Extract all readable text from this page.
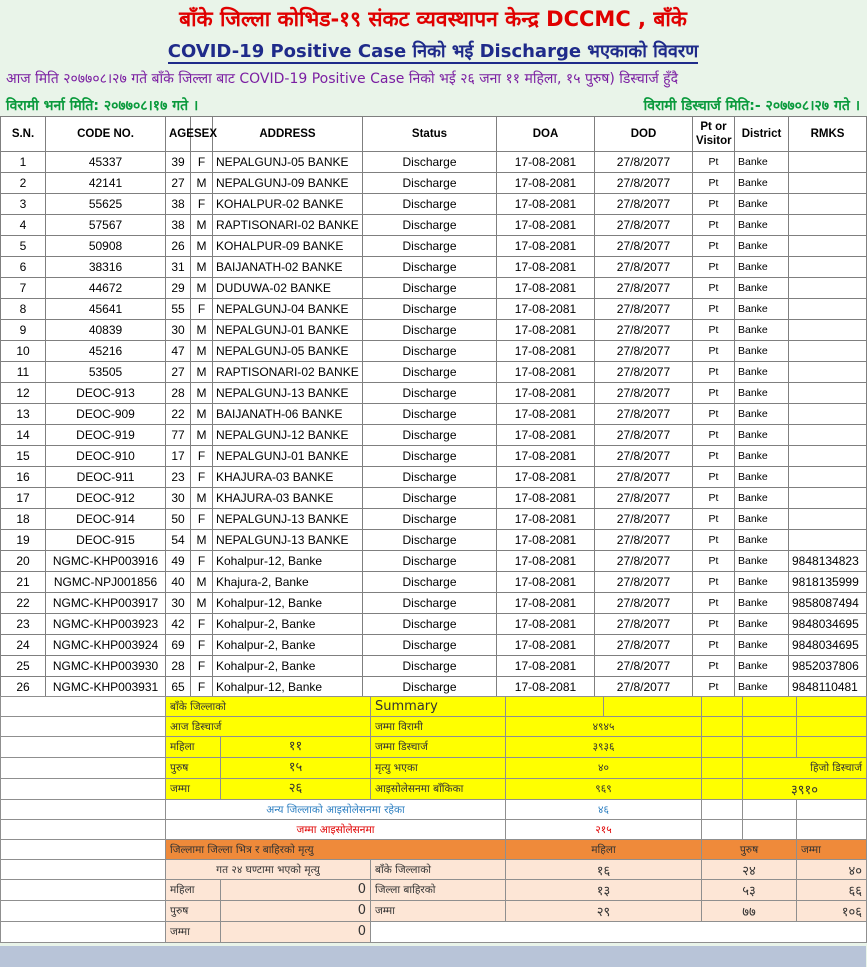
बाँके जिल्ला कोभिड-१९ संकट व्यवस्थापन केन्द्र DCCMC , बाँके
COVID-19 Positive Case निको भई Discharge भएकाको विवरण
आज मिति २०७७०८।२७ गते बाँके जिल्ला बाट COVID-19 Positive Case निको भई २६ जना ११ महिला, १५ पुरुष) डिस्चार्ज हुँदै
विरामी भर्ना मिति: २०७७०८।१७ गते ।	विरामी डिस्चार्ज मिति:- २०७७०८।२७ गते ।
S.N.	CODE NO.	AGE	SEX	ADDRESS	Status	DOA	DOD	Pt or Visitor	District	RMKS
1	45337	39	F	NEPALGUNJ-05 BANKE	Discharge	17-08-2081	27/8/2077	Pt	Banke	
2	42141	27	M	NEPALGUNJ-09 BANKE	Discharge	17-08-2081	27/8/2077	Pt	Banke	
3	55625	38	F	KOHALPUR-02 BANKE	Discharge	17-08-2081	27/8/2077	Pt	Banke	
4	57567	38	M	RAPTISONARI-02 BANKE	Discharge	17-08-2081	27/8/2077	Pt	Banke	
5	50908	26	M	KOHALPUR-09 BANKE	Discharge	17-08-2081	27/8/2077	Pt	Banke	
6	38316	31	M	BAIJANATH-02 BANKE	Discharge	17-08-2081	27/8/2077	Pt	Banke	
7	44672	29	M	DUDUWA-02 BANKE	Discharge	17-08-2081	27/8/2077	Pt	Banke	
8	45641	55	F	NEPALGUNJ-04 BANKE	Discharge	17-08-2081	27/8/2077	Pt	Banke	
9	40839	30	M	NEPALGUNJ-01 BANKE	Discharge	17-08-2081	27/8/2077	Pt	Banke	
10	45216	47	M	NEPALGUNJ-05 BANKE	Discharge	17-08-2081	27/8/2077	Pt	Banke	
11	53505	27	M	RAPTISONARI-02 BANKE	Discharge	17-08-2081	27/8/2077	Pt	Banke	
12	DEOC-913	28	M	NEPALGUNJ-13 BANKE	Discharge	17-08-2081	27/8/2077	Pt	Banke	
13	DEOC-909	22	M	BAIJANATH-06 BANKE	Discharge	17-08-2081	27/8/2077	Pt	Banke	
14	DEOC-919	77	M	NEPALGUNJ-12 BANKE	Discharge	17-08-2081	27/8/2077	Pt	Banke	
15	DEOC-910	17	F	NEPALGUNJ-01 BANKE	Discharge	17-08-2081	27/8/2077	Pt	Banke	
16	DEOC-911	23	F	KHAJURA-03 BANKE	Discharge	17-08-2081	27/8/2077	Pt	Banke	
17	DEOC-912	30	M	KHAJURA-03 BANKE	Discharge	17-08-2081	27/8/2077	Pt	Banke	
18	DEOC-914	50	F	NEPALGUNJ-13 BANKE	Discharge	17-08-2081	27/8/2077	Pt	Banke	
19	DEOC-915	54	M	NEPALGUNJ-13 BANKE	Discharge	17-08-2081	27/8/2077	Pt	Banke	
20	NGMC-KHP003916	49	F	Kohalpur-12, Banke	Discharge	17-08-2081	27/8/2077	Pt	Banke	9848134823
21	NGMC-NPJ001856	40	M	Khajura-2, Banke	Discharge	17-08-2081	27/8/2077	Pt	Banke	9818135999
22	NGMC-KHP003917	30	M	Kohalpur-12, Banke	Discharge	17-08-2081	27/8/2077	Pt	Banke	9858087494
23	NGMC-KHP003923	42	F	Kohalpur-2, Banke	Discharge	17-08-2081	27/8/2077	Pt	Banke	9848034695
24	NGMC-KHP003924	69	F	Kohalpur-2, Banke	Discharge	17-08-2081	27/8/2077	Pt	Banke	9848034695
25	NGMC-KHP003930	28	F	Kohalpur-2, Banke	Discharge	17-08-2081	27/8/2077	Pt	Banke	9852037806
26	NGMC-KHP003931	65	F	Kohalpur-12, Banke	Discharge	17-08-2081	27/8/2077	Pt	Banke	9848110481
	बाँके जिल्लाको	Summary					
	आज डिस्चार्ज	जम्मा विरामी	४९४५				

	महिला ११	जम्मा डिस्चार्ज	३९३६				

	पुरुष १५	मृत्यु भएका	४०			हिजो डिस्चार्ज	

	जम्मा २६	आइसोलेसनमा बाँकिका	९६९			३९१०	
	अन्य जिल्लाको आइसोलेसनमा रहेका		४६				
	जम्मा आइसोलेसनमा		२१५				
	जिल्लामा जिल्ला भित्र र बाहिरको मृत्यु		महिला		पुरुष		जम्मा
	गत २४ घण्टामा भएको मृत्यु	बाँके जिल्लाको	१६		२४		४०

	महिला 0	जिल्ला बाहिरको	१३		५३		६६

	पुरुष 0	जम्मा	२९		७७		१०६

	जम्मा 0						
